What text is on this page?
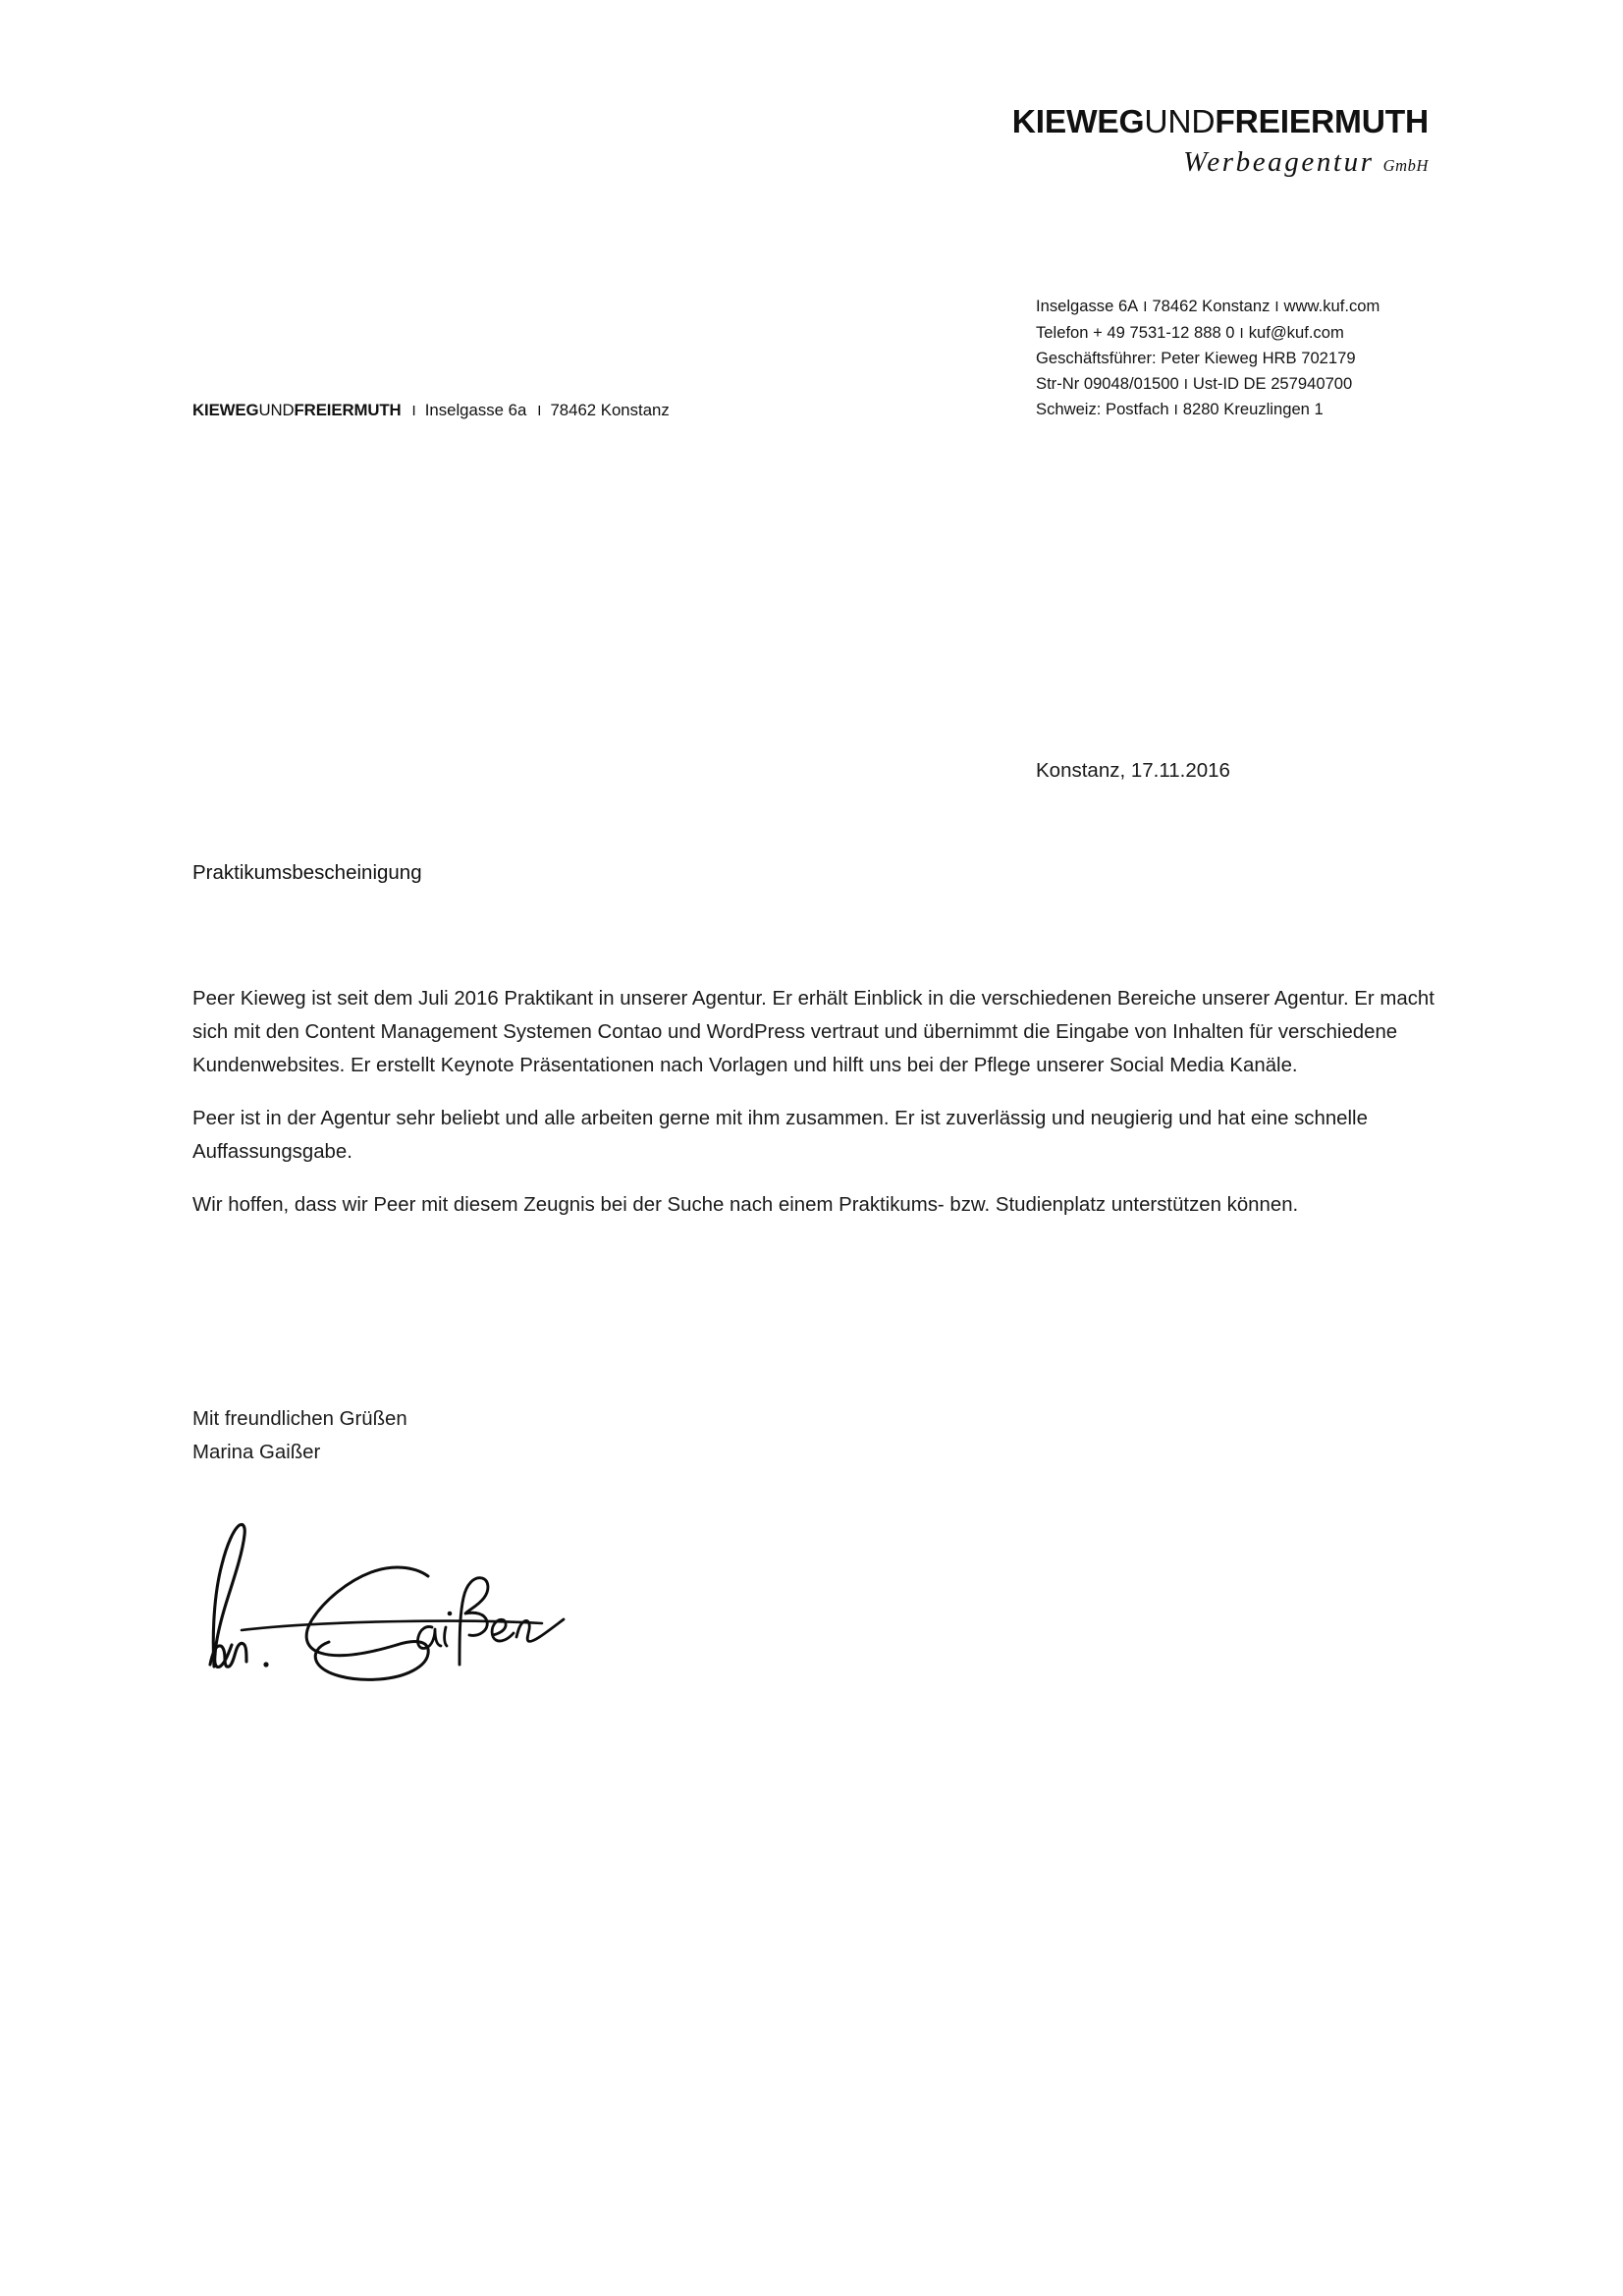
KIEWEGUNDFREIERMUTH
Werbeagentur GmbH
Inselgasse 6A I 78462 Konstanz I www.kuf.com
Telefon + 49 7531-12 888 0 I kuf@kuf.com
Geschäftsführer: Peter Kieweg HRB 702179
Str-Nr 09048/01500 I Ust-ID DE 257940700
Schweiz: Postfach I 8280 Kreuzlingen 1
KIEWEGUNDFREIERMUTH I Inselgasse 6a I 78462 Konstanz
Konstanz, 17.11.2016
Praktikumsbescheinigung

Peer Kieweg ist seit dem Juli 2016 Praktikant in unserer Agentur. Er erhält Einblick in die verschiedenen Bereiche unserer Agentur. Er macht sich mit den Content Management Systemen Contao und WordPress vertraut und übernimmt die Eingabe von Inhalten für verschiedene Kundenwebsites. Er erstellt Keynote Präsentationen nach Vorlagen und hilft uns bei der Pflege unserer Social Media Kanäle.

Peer ist in der Agentur sehr beliebt und alle arbeiten gerne mit ihm zusammen. Er ist zuverlässig und neugierig und hat eine schnelle Auffassungsgabe.

Wir hoffen, dass wir Peer mit diesem Zeugnis bei der Suche nach einem Praktikums- bzw. Studienplatz unterstützen können.

Mit freundlichen Grüßen
Marina Gaißer
